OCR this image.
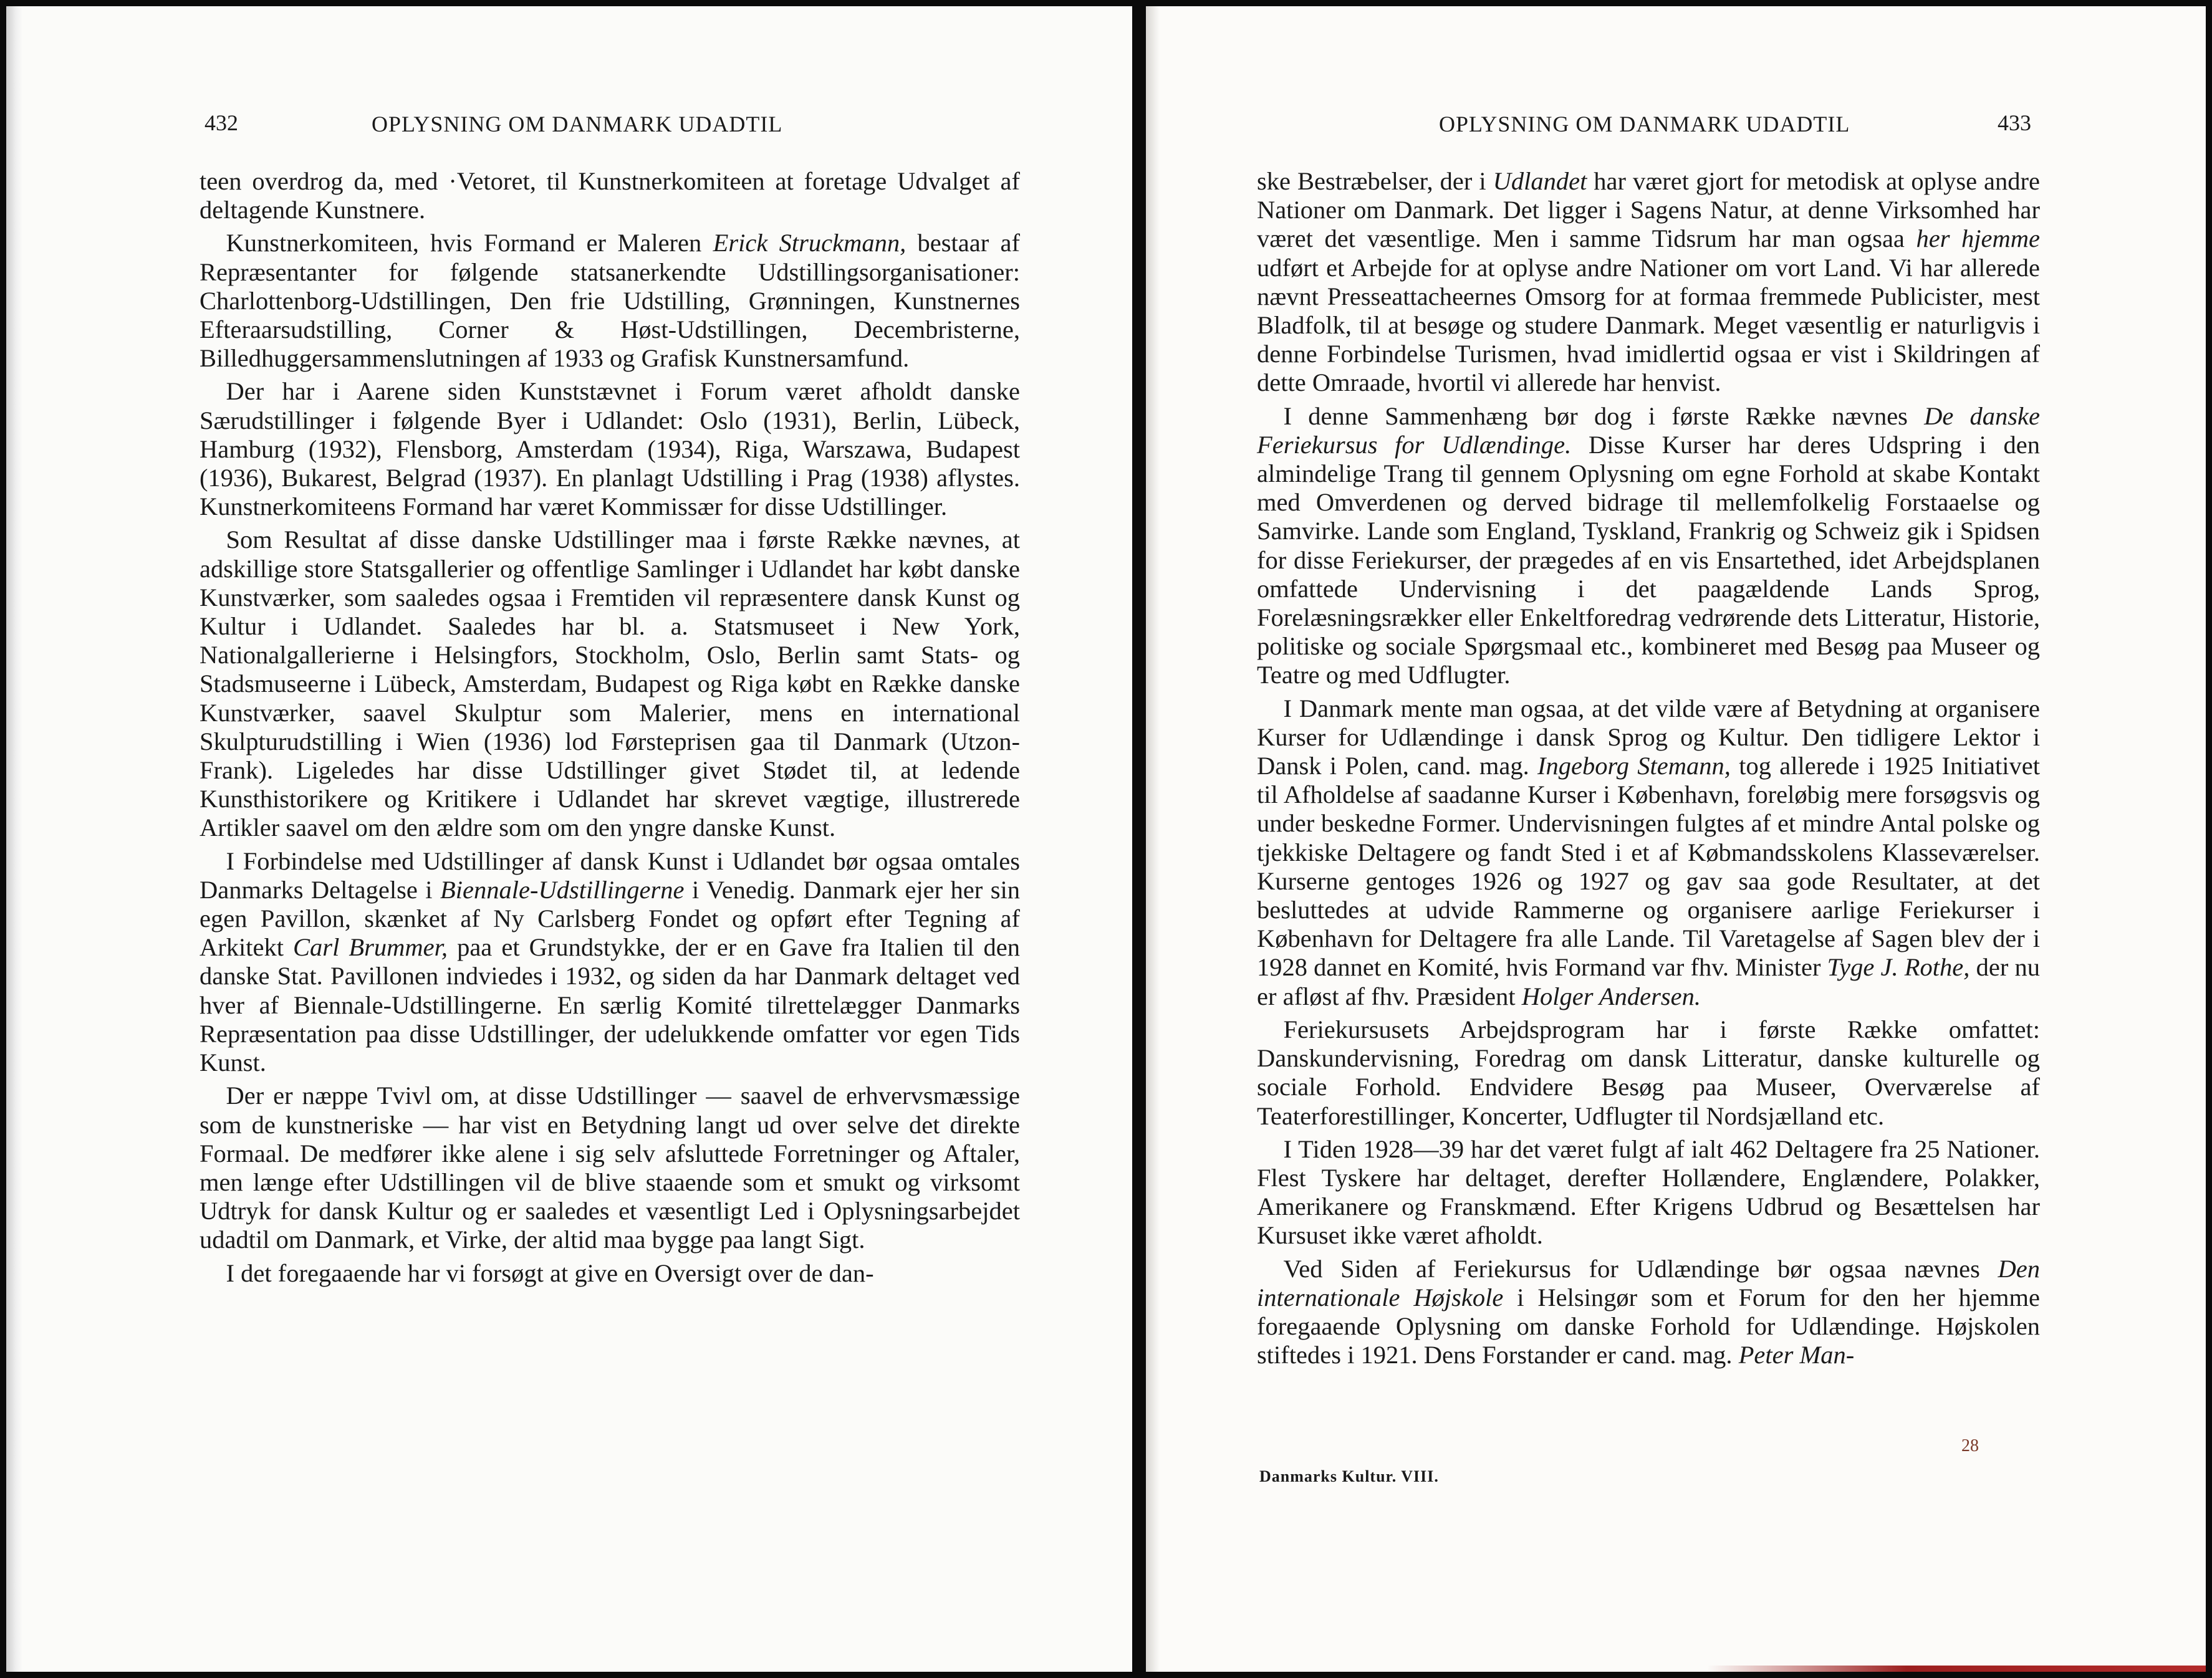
432	OPLYSNING OM DANMARK UDADTIL

teen overdrog da, med ·Vetoret, til Kunstnerkomiteen at foretage Udvalget af deltagende Kunstnere.

Kunstnerkomiteen, hvis Formand er Maleren Erick Struckmann, bestaar af Repræsentanter for følgende statsanerkendte Udstillingsorganisationer: Charlottenborg-Udstillingen, Den frie Udstilling, Grønningen, Kunstnernes Efteraarsudstilling, Corner & Høst-Udstillingen, Decembristerne, Billedhuggersammenslutningen af 1933 og Grafisk Kunstnersamfund.

Der har i Aarene siden Kunststævnet i Forum været afholdt danske Særudstillinger i følgende Byer i Udlandet: Oslo (1931), Berlin, Lübeck, Hamburg (1932), Flensborg, Amsterdam (1934), Riga, Warszawa, Budapest (1936), Bukarest, Belgrad (1937). En planlagt Udstilling i Prag (1938) aflystes. Kunstnerkomiteens Formand har været Kommissær for disse Udstillinger.

Som Resultat af disse danske Udstillinger maa i første Række nævnes, at adskillige store Statsgallerier og offentlige Samlinger i Udlandet har købt danske Kunstværker, som saaledes ogsaa i Fremtiden vil repræsentere dansk Kunst og Kultur i Udlandet. Saaledes har bl. a. Statsmuseet i New York, Nationalgallerierne i Helsingfors, Stockholm, Oslo, Berlin samt Stats- og Stadsmuseerne i Lübeck, Amsterdam, Budapest og Riga købt en Række danske Kunstværker, saavel Skulptur som Malerier, mens en international Skulpturudstilling i Wien (1936) lod Førsteprisen gaa til Danmark (Utzon-Frank). Ligeledes har disse Udstillinger givet Stødet til, at ledende Kunsthistorikere og Kritikere i Udlandet har skrevet vægtige, illustrerede Artikler saavel om den ældre som om den yngre danske Kunst.

I Forbindelse med Udstillinger af dansk Kunst i Udlandet bør ogsaa omtales Danmarks Deltagelse i Biennale-Udstillingerne i Venedig. Danmark ejer her sin egen Pavillon, skænket af Ny Carlsberg Fondet og opført efter Tegning af Arkitekt Carl Brummer, paa et Grundstykke, der er en Gave fra Italien til den danske Stat. Pavillonen indviedes i 1932, og siden da har Danmark deltaget ved hver af Biennale-Udstillingerne. En særlig Komité tilrettelægger Danmarks Repræsentation paa disse Udstillinger, der udelukkende omfatter vor egen Tids Kunst.

Der er næppe Tvivl om, at disse Udstillinger — saavel de erhvervsmæssige som de kunstneriske — har vist en Betydning langt ud over selve det direkte Formaal. De medfører ikke alene i sig selv afsluttede Forretninger og Aftaler, men længe efter Udstillingen vil de blive staaende som et smukt og virksomt Udtryk for dansk Kultur og er saaledes et væsentligt Led i Oplysningsarbejdet udadtil om Danmark, et Virke, der altid maa bygge paa langt Sigt.

I det foregaaende har vi forsøgt at give en Oversigt over de dan-

OPLYSNING OM DANMARK UDADTIL	433

ske Bestræbelser, der i Udlandet har været gjort for metodisk at oplyse andre Nationer om Danmark. Det ligger i Sagens Natur, at denne Virksomhed har været det væsentlige. Men i samme Tidsrum har man ogsaa her hjemme udført et Arbejde for at oplyse andre Nationer om vort Land. Vi har allerede nævnt Presseattacheernes Omsorg for at formaa fremmede Publicister, mest Bladfolk, til at besøge og studere Danmark. Meget væsentlig er naturligvis i denne Forbindelse Turismen, hvad imidlertid ogsaa er vist i Skildringen af dette Omraade, hvortil vi allerede har henvist.

I denne Sammenhæng bør dog i første Række nævnes De danske Feriekursus for Udlændinge. Disse Kurser har deres Udspring i den almindelige Trang til gennem Oplysning om egne Forhold at skabe Kontakt med Omverdenen og derved bidrage til mellemfolkelig Forstaaelse og Samvirke. Lande som England, Tyskland, Frankrig og Schweiz gik i Spidsen for disse Feriekurser, der prægedes af en vis Ensartethed, idet Arbejdsplanen omfattede Undervisning i det paagældende Lands Sprog, Forelæsningsrækker eller Enkeltforedrag vedrørende dets Litteratur, Historie, politiske og sociale Spørgsmaal etc., kombineret med Besøg paa Museer og Teatre og med Udflugter.

I Danmark mente man ogsaa, at det vilde være af Betydning at organisere Kurser for Udlændinge i dansk Sprog og Kultur. Den tidligere Lektor i Dansk i Polen, cand. mag. Ingeborg Stemann, tog allerede i 1925 Initiativet til Afholdelse af saadanne Kurser i København, foreløbig mere forsøgsvis og under beskedne Former. Undervisningen fulgtes af et mindre Antal polske og tjekkiske Deltagere og fandt Sted i et af Købmandsskolens Klasseværelser. Kurserne gentoges 1926 og 1927 og gav saa gode Resultater, at det besluttedes at udvide Rammerne og organisere aarlige Feriekurser i København for Deltagere fra alle Lande. Til Varetagelse af Sagen blev der i 1928 dannet en Komité, hvis Formand var fhv. Minister Tyge J. Rothe, der nu er afløst af fhv. Præsident Holger Andersen.

Feriekursusets Arbejdsprogram har i første Række omfattet: Danskundervisning, Foredrag om dansk Litteratur, danske kulturelle og sociale Forhold. Endvidere Besøg paa Museer, Overværelse af Teaterforestillinger, Koncerter, Udflugter til Nordsjælland etc.

I Tiden 1928—39 har det været fulgt af ialt 462 Deltagere fra 25 Nationer. Flest Tyskere har deltaget, derefter Hollændere, Englændere, Polakker, Amerikanere og Franskmænd. Efter Krigens Udbrud og Besættelsen har Kursuset ikke været afholdt.

Ved Siden af Feriekursus for Udlændinge bør ogsaa nævnes Den internationale Højskole i Helsingør som et Forum for den her hjemme foregaaende Oplysning om danske Forhold for Udlændinge. Højskolen stiftedes i 1921. Dens Forstander er cand. mag. Peter Man-

Danmarks Kultur. VIII.
28
